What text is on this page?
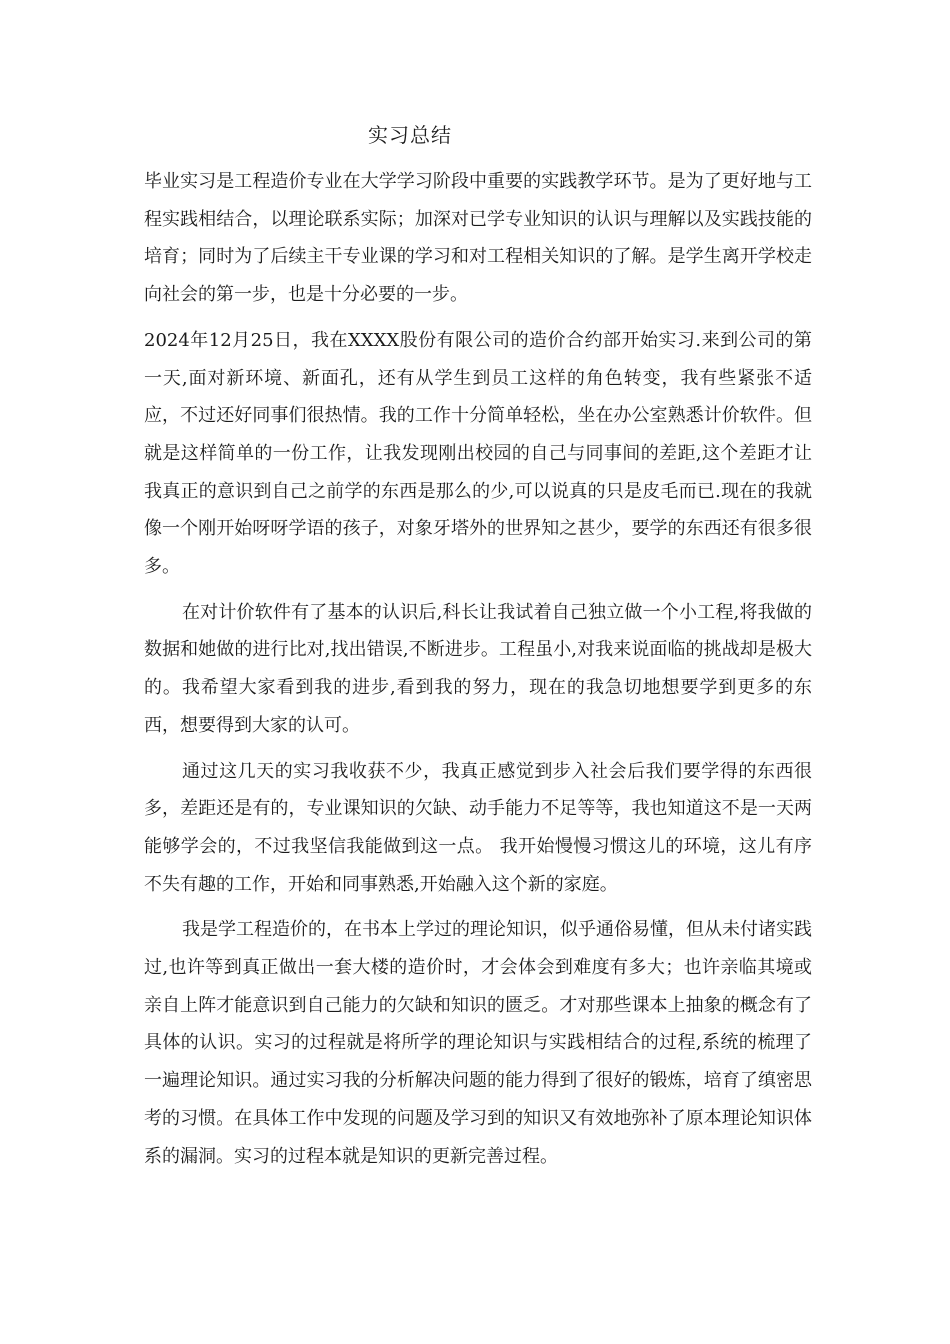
实习总结

毕业实习是工程造价专业在大学学习阶段中重要的实践教学环节。是为了更好地与工程实践相结合，以理论联系实际；加深对已学专业知识的认识与理解以及实践技能的培育；同时为了后续主干专业课的学习和对工程相关知识的了解。是学生离开学校走向社会的第一步，也是十分必要的一步。

2024年12月25日，我在XXXX股份有限公司的造价合约部开始实习.来到公司的第一天,面对新环境、新面孔，还有从学生到员工这样的角色转变，我有些紧张不适应，不过还好同事们很热情。我的工作十分简单轻松，坐在办公室熟悉计价软件。但就是这样简单的一份工作，让我发现刚出校园的自己与同事间的差距,这个差距才让我真正的意识到自己之前学的东西是那么的少,可以说真的只是皮毛而已.现在的我就像一个刚开始呀呀学语的孩子，对象牙塔外的世界知之甚少，要学的东西还有很多很多。

在对计价软件有了基本的认识后,科长让我试着自己独立做一个小工程,将我做的数据和她做的进行比对,找出错误,不断进步。工程虽小,对我来说面临的挑战却是极大的。我希望大家看到我的进步,看到我的努力，现在的我急切地想要学到更多的东西，想要得到大家的认可。

通过这几天的实习我收获不少，我真正感觉到步入社会后我们要学得的东西很多，差距还是有的，专业课知识的欠缺、动手能力不足等等，我也知道这不是一天两能够学会的，不过我坚信我能做到这一点。 我开始慢慢习惯这儿的环境，这儿有序不失有趣的工作，开始和同事熟悉,开始融入这个新的家庭。

我是学工程造价的，在书本上学过的理论知识，似乎通俗易懂，但从未付诸实践过,也许等到真正做出一套大楼的造价时，才会体会到难度有多大；也许亲临其境或亲自上阵才能意识到自己能力的欠缺和知识的匮乏。才对那些课本上抽象的概念有了具体的认识。实习的过程就是将所学的理论知识与实践相结合的过程,系统的梳理了一遍理论知识。通过实习我的分析解决问题的能力得到了很好的锻炼，培育了缜密思考的习惯。在具体工作中发现的问题及学习到的知识又有效地弥补了原本理论知识体系的漏洞。实习的过程本就是知识的更新完善过程。
